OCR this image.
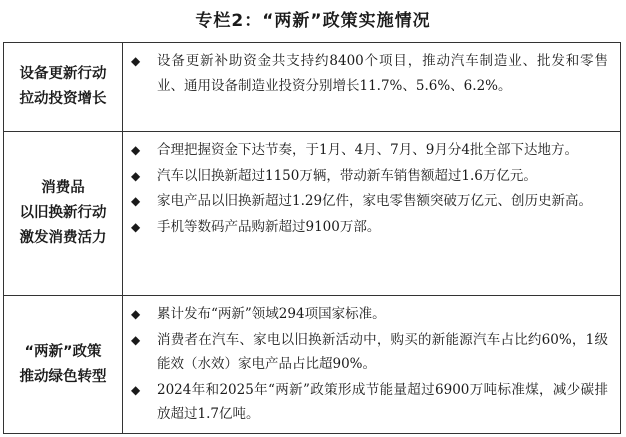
专栏2：“两新”政策实施情况
设备更新行动
拉动投资增长
◆ 设备更新补助资金共支持约8400个项目，推动汽车制造业、批发和零售业、通用设备制造业投资分别增长11.7%、5.6%、6.2%。
消费品
以旧换新行动
激发消费活力
◆ 合理把握资金下达节奏，于1月、4月、7月、9月分4批全部下达地方。
◆ 汽车以旧换新超过1150万辆，带动新车销售额超过1.6万亿元。
◆ 家电产品以旧换新超过1.29亿件，家电零售额突破万亿元、创历史新高。
◆ 手机等数码产品购新超过9100万部。
“两新”政策
推动绿色转型
◆ 累计发布“两新”领域294项国家标准。
◆ 消费者在汽车、家电以旧换新活动中，购买的新能源汽车占比约60%，1级能效（水效）家电产品占比超90%。
◆ 2024年和2025年“两新”政策形成节能量超过6900万吨标准煤，减少碳排放超过1.7亿吨。
